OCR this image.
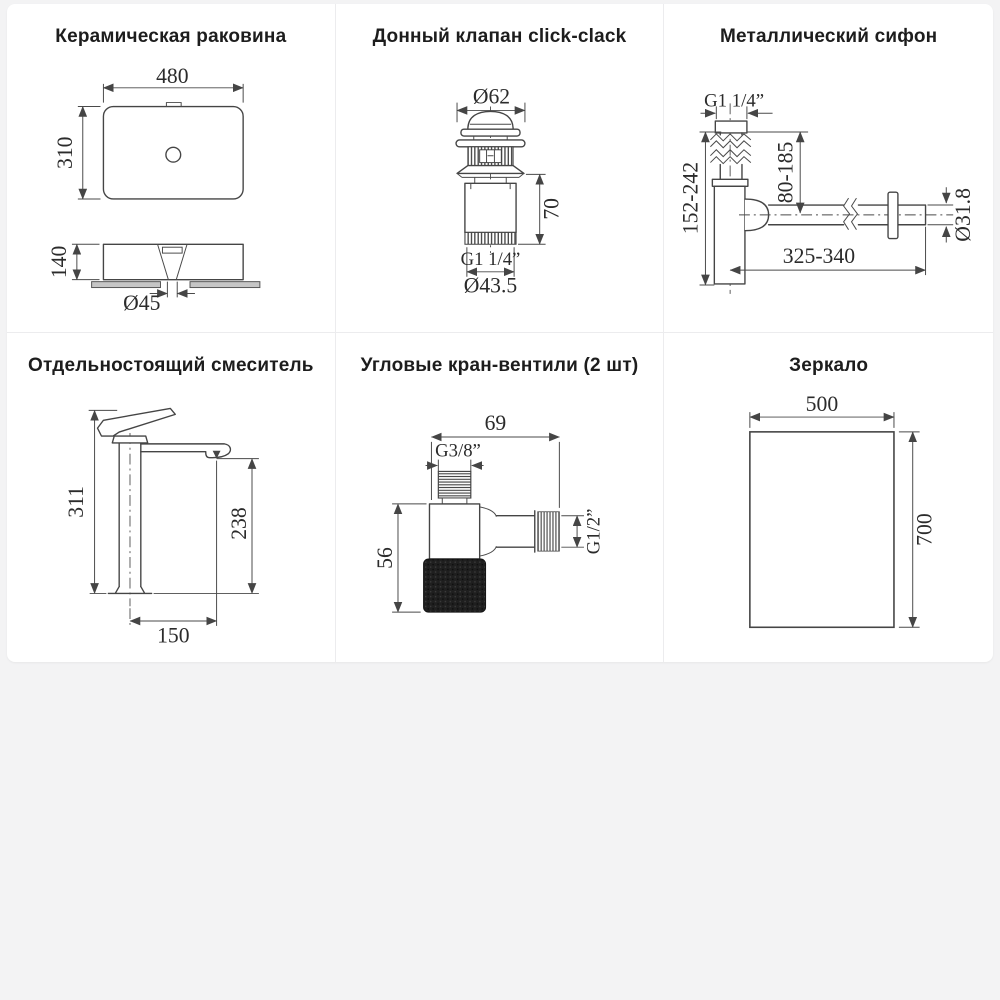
Керамическая раковина
480
310
140
Ø45
Донный клапан click-clack
Ø62
G1 1/4”
Ø43.5
70
Металлический сифон
G1 1/4”
80-185
152-242
325-340
Ø31.8
Отдельностоящий смеситель
311
238
150
Угловые кран-вентили (2 шт)
69
G3/8”
G1/2”
56
Зеркало
500
700
